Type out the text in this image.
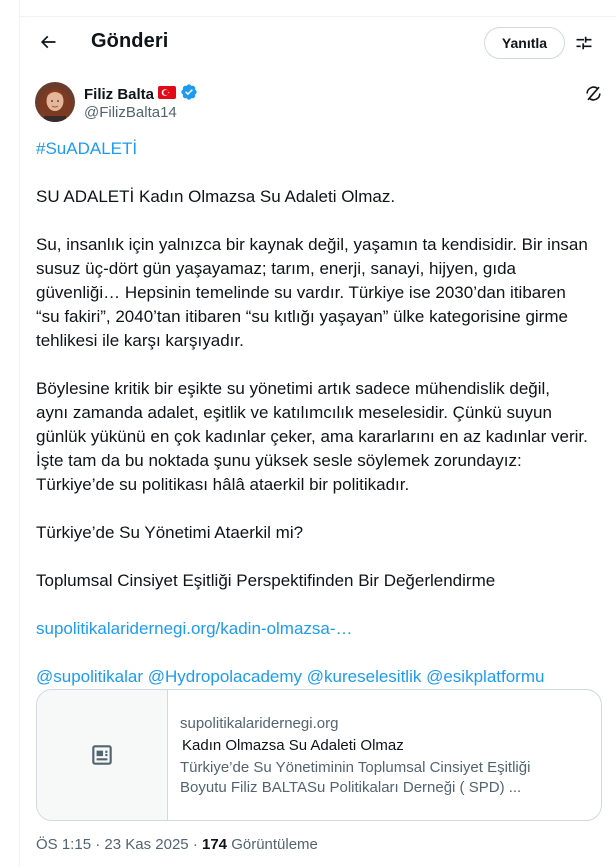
Gönderi	Yanıtla
Filiz Balta
@FilizBalta14

#SuADALETİ

SU ADALETİ Kadın Olmazsa Su Adaleti Olmaz.

Su, insanlık için yalnızca bir kaynak değil, yaşamın ta kendisidir. Bir insan

susuz üç-dört gün yaşayamaz; tarım, enerji, sanayi, hijyen, gıda

güvenliği… Hepsinin temelinde su vardır. Türkiye ise 2030’dan itibaren

“su fakiri”, 2040’tan itibaren “su kıtlığı yaşayan” ülke kategorisine girme

tehlikesi ile karşı karşıyadır.

Böylesine kritik bir eşikte su yönetimi artık sadece mühendislik değil,

aynı zamanda adalet, eşitlik ve katılımcılık meselesidir. Çünkü suyun

günlük yükünü en çok kadınlar çeker, ama kararlarını en az kadınlar verir.

İşte tam da bu noktada şunu yüksek sesle söylemek zorundayız:

Türkiye’de su politikası hâlâ ataerkil bir politikadır.

Türkiye’de Su Yönetimi Ataerkil mi?

Toplumsal Cinsiyet Eşitliği Perspektifinden Bir Değerlendirme

supolitikalaridernegi.org/kadin-olmazsa-…

@supolitikalar @Hydropolacademy @kureselesitlik @esikplatformu

supolitikalaridernegi.org
Kadın Olmazsa Su Adaleti Olmaz
Türkiye’de Su Yönetiminin Toplumsal Cinsiyet Eşitliği
Boyutu Filiz BALTASu Politikaları Derneği ( SPD) ...
ÖS 1:15 · 23 Kas 2025 · 174 Görüntüleme
